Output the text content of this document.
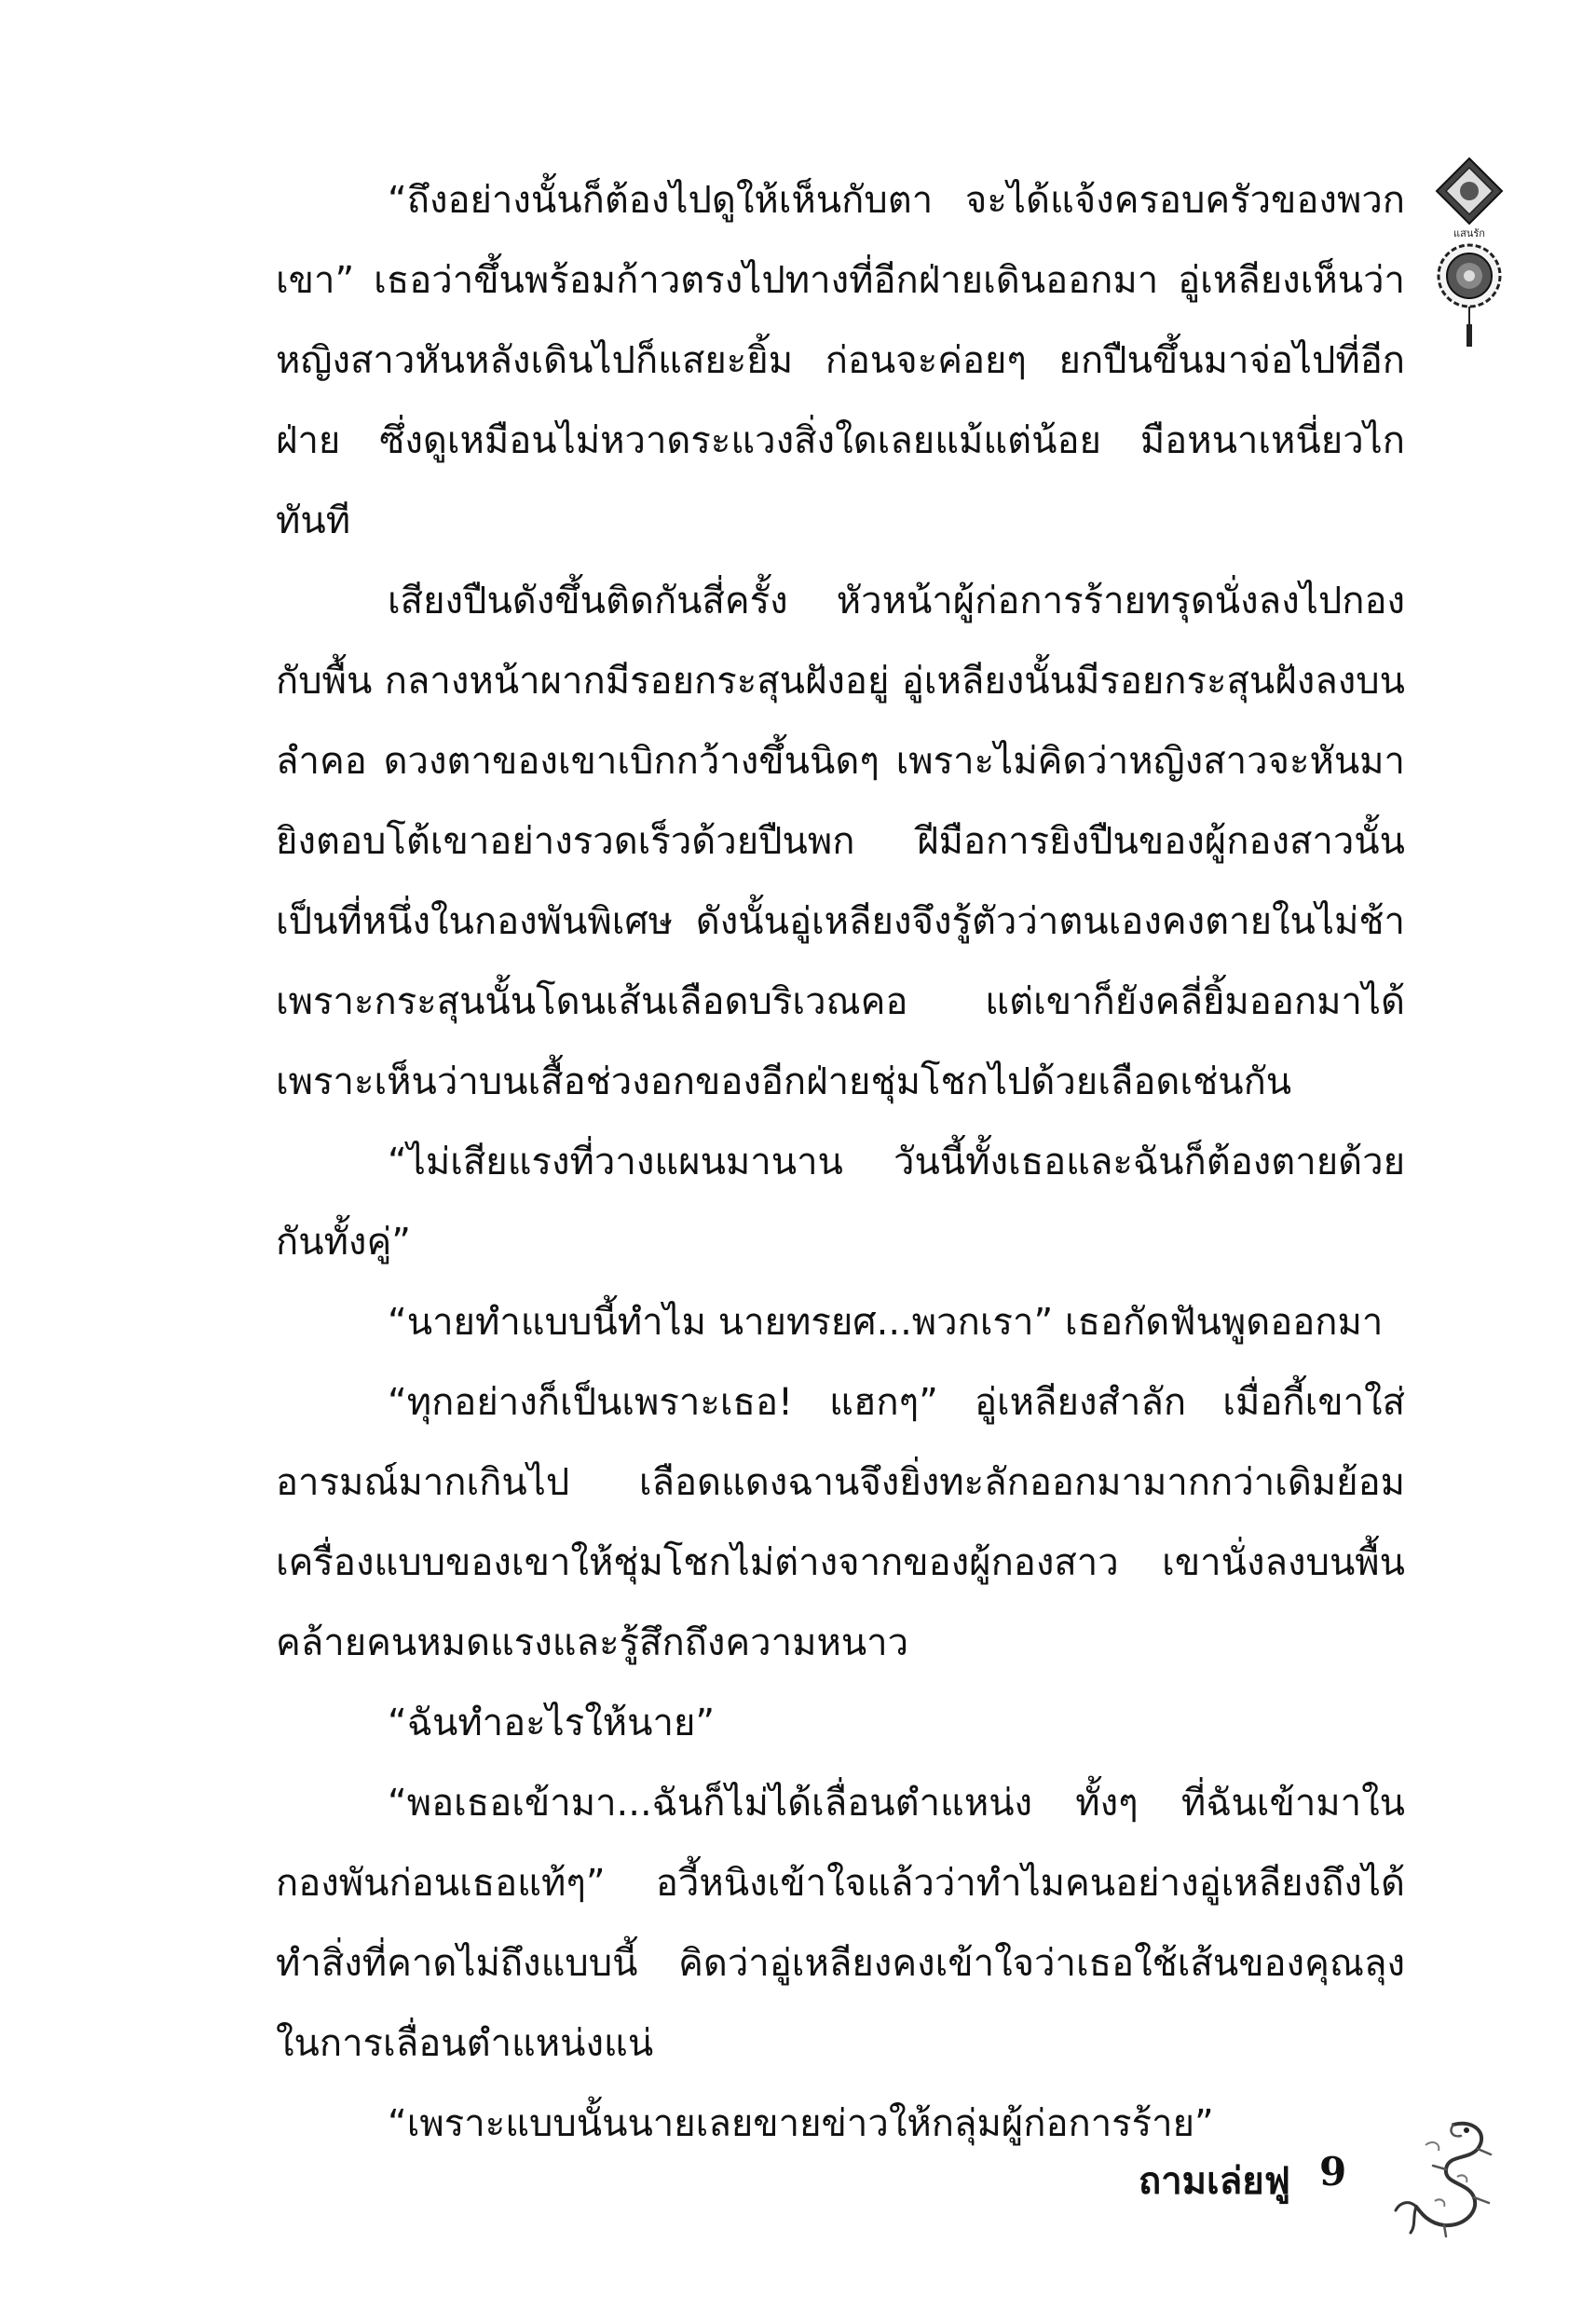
แสนรัก

“ถึงอย่างนั้นก็ต้องไปดูให้เห็นกับตา จะได้แจ้งครอบครัวของพวกเขา” เธอว่าขึ้นพร้อมก้าวตรงไปทางที่อีกฝ่ายเดินออกมา อู่เหลียงเห็นว่าหญิงสาวหันหลังเดินไปก็แสยะยิ้ม ก่อนจะค่อยๆ ยกปืนขึ้นมาจ่อไปที่อีกฝ่าย ซึ่งดูเหมือนไม่หวาดระแวงสิ่งใดเลยแม้แต่น้อย มือหนาเหนี่ยวไกทันที

เสียงปืนดังขึ้นติดกันสี่ครั้ง หัวหน้าผู้ก่อการร้ายทรุดนั่งลงไปกองกับพื้น กลางหน้าผากมีรอยกระสุนฝังอยู่ อู่เหลียงนั้นมีรอยกระสุนฝังลงบนลำคอ ดวงตาของเขาเบิกกว้างขึ้นนิดๆ เพราะไม่คิดว่าหญิงสาวจะหันมายิงตอบโต้เขาอย่างรวดเร็วด้วยปืนพก ฝีมือการยิงปืนของผู้กองสาวนั้นเป็นที่หนึ่งในกองพันพิเศษ ดังนั้นอู่เหลียงจึงรู้ตัวว่าตนเองคงตายในไม่ช้า เพราะกระสุนนั้นโดนเส้นเลือดบริเวณคอ แต่เขาก็ยังคลี่ยิ้มออกมาได้เพราะเห็นว่าบนเสื้อช่วงอกของอีกฝ่ายชุ่มโชกไปด้วยเลือดเช่นกัน

“ไม่เสียแรงที่วางแผนมานาน วันนี้ทั้งเธอและฉันก็ต้องตายด้วยกันทั้งคู่”

“นายทำแบบนี้ทำไม นายทรยศ...พวกเรา” เธอกัดฟันพูดออกมา

“ทุกอย่างก็เป็นเพราะเธอ! แฮกๆ” อู่เหลียงสำลัก เมื่อกี้เขาใส่อารมณ์มากเกินไป เลือดแดงฉานจึงยิ่งทะลักออกมามากกว่าเดิมย้อมเครื่องแบบของเขาให้ชุ่มโชกไม่ต่างจากของผู้กองสาว เขานั่งลงบนพื้นคล้ายคนหมดแรงและรู้สึกถึงความหนาว

“ฉันทำอะไรให้นาย”

“พอเธอเข้ามา...ฉันก็ไม่ได้เลื่อนตำแหน่ง ทั้งๆ ที่ฉันเข้ามาในกองพันก่อนเธอแท้ๆ” อวี้หนิงเข้าใจแล้วว่าทำไมคนอย่างอู่เหลียงถึงได้ทำสิ่งที่คาดไม่ถึงแบบนี้ คิดว่าอู่เหลียงคงเข้าใจว่าเธอใช้เส้นของคุณลุงในการเลื่อนตำแหน่งแน่

“เพราะแบบนั้นนายเลยขายข่าวให้กลุ่มผู้ก่อการร้าย”

ถามเล่ยฟู 9
